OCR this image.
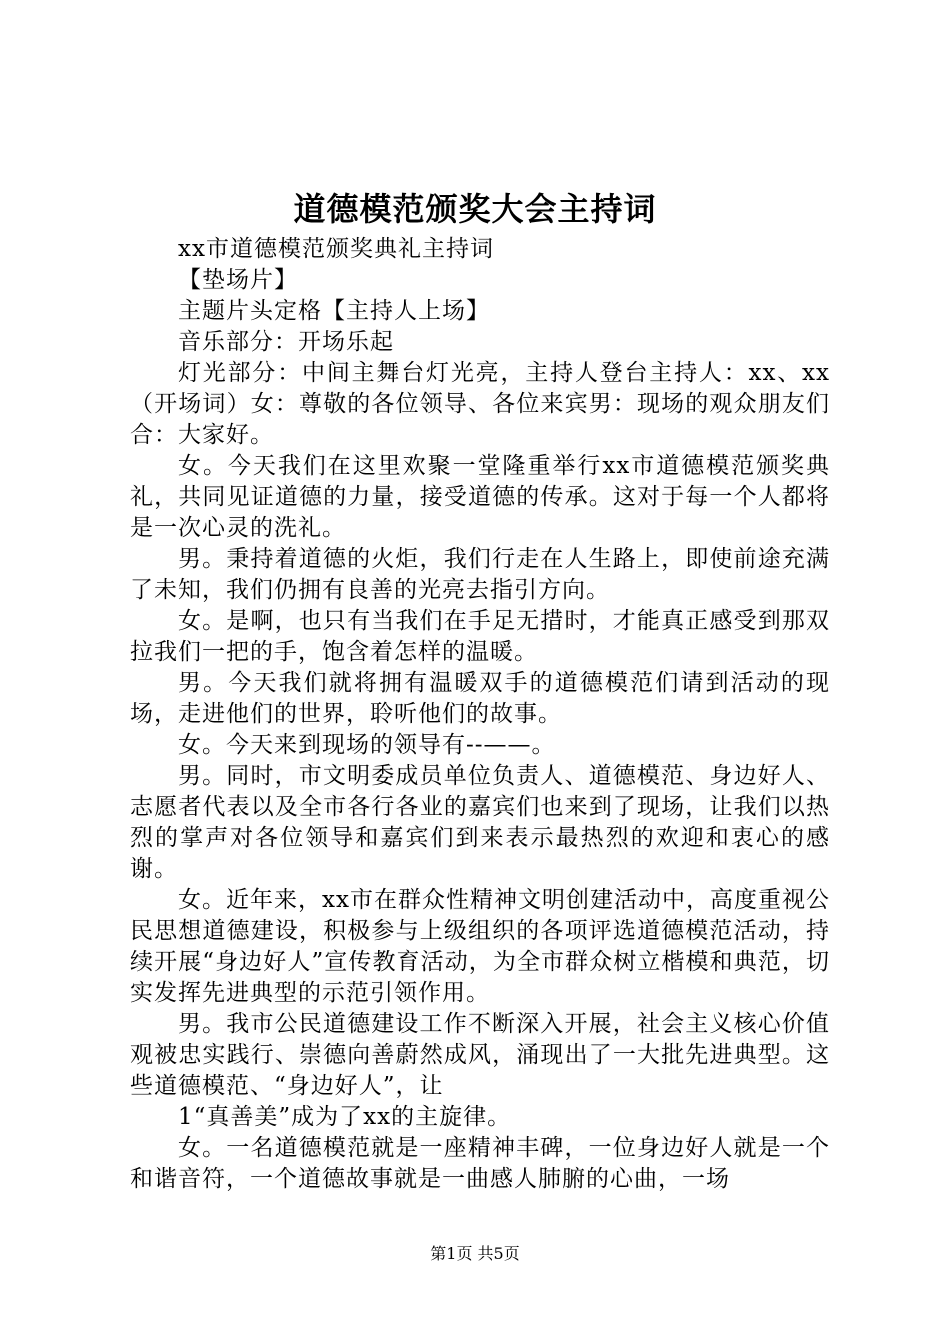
道德模范颁奖大会主持词

xx市道德模范颁奖典礼主持词

【垫场片】

主题片头定格【主持人上场】

音乐部分：开场乐起

灯光部分：中间主舞台灯光亮，主持人登台主持人：xx、xx（开场词）女：尊敬的各位领导、各位来宾男：现场的观众朋友们合：大家好。

女。今天我们在这里欢聚一堂隆重举行xx市道德模范颁奖典礼，共同见证道德的力量，接受道德的传承。这对于每一个人都将是一次心灵的洗礼。

男。秉持着道德的火炬，我们行走在人生路上，即使前途充满了未知，我们仍拥有良善的光亮去指引方向。

女。是啊，也只有当我们在手足无措时，才能真正感受到那双拉我们一把的手，饱含着怎样的温暖。

男。今天我们就将拥有温暖双手的道德模范们请到活动的现场，走进他们的世界，聆听他们的故事。

女。今天来到现场的领导有--——。

男。同时，市文明委成员单位负责人、道德模范、身边好人、志愿者代表以及全市各行各业的嘉宾们也来到了现场，让我们以热烈的掌声对各位领导和嘉宾们到来表示最热烈的欢迎和衷心的感谢。

女。近年来，xx市在群众性精神文明创建活动中，高度重视公民思想道德建设，积极参与上级组织的各项评选道德模范活动，持续开展“身边好人”宣传教育活动，为全市群众树立楷模和典范，切实发挥先进典型的示范引领作用。

男。我市公民道德建设工作不断深入开展，社会主义核心价值观被忠实践行、崇德向善蔚然成风，涌现出了一大批先进典型。这些道德模范、“身边好人”，让

1“真善美”成为了xx的主旋律。

女。一名道德模范就是一座精神丰碑，一位身边好人就是一个和谐音符，一个道德故事就是一曲感人肺腑的心曲，一场

第1页 共5页
